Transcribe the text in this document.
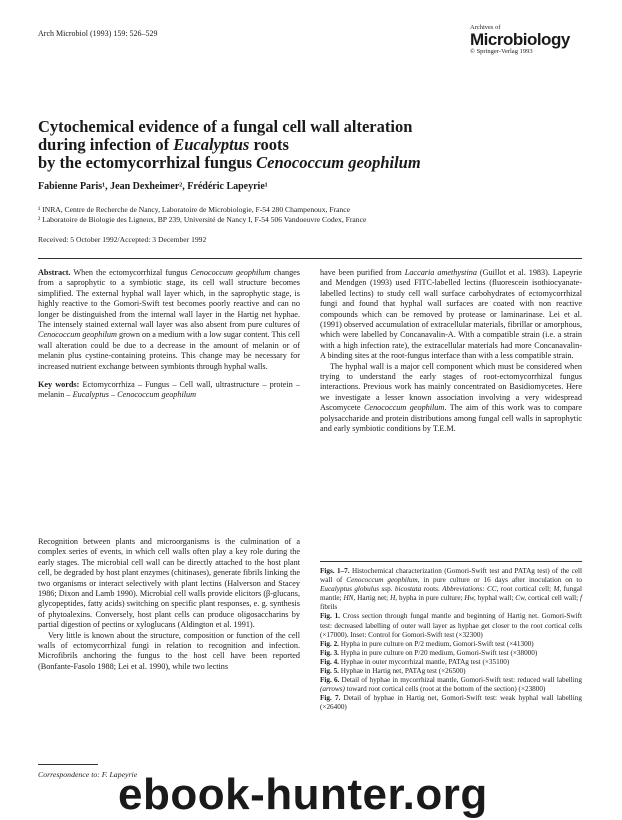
Arch Microbiol (1993) 159: 526–529
Archives of
Microbiology
© Springer-Verlag 1993
Cytochemical evidence of a fungal cell wall alteration
during infection of Eucalyptus roots
by the ectomycorrhizal fungus Cenococcum geophilum
Fabienne Paris¹, Jean Dexheimer², Frédéric Lapeyrie¹
¹ INRA, Centre de Recherche de Nancy, Laboratoire de Microbiologie, F-54 280 Champenoux, France
² Laboratoire de Biologie des Ligneux, BP 239, Université de Nancy I, F-54 506 Vandoeuvre Codex, France
Received: 5 October 1992/Accepted: 3 December 1992

Abstract. When the ectomycorrhizal fungus Cenococcum geophilum changes from a saprophytic to a symbiotic stage, its cell wall structure becomes simplified. The external hyphal wall layer which, in the saprophytic stage, is highly reactive to the Gomori-Swift test becomes poorly reactive and can no longer be distinguished from the internal wall layer in the Hartig net hyphae. The intensely stained external wall layer was also absent from pure cultures of Cenococcum geophilum grown on a medium with a low sugar content. This cell wall alteration could be due to a decrease in the amount of melanin or of melanin plus cystine-containing proteins. This change may be necessary for increased nutrient exchange between symbionts through hyphal walls.

Key words: Ectomycorrhiza – Fungus – Cell wall, ultrastructure – protein – melanin – Eucalyptus – Cenococcum geophilum

Recognition between plants and microorganisms is the culmination of a complex series of events, in which cell walls often play a key role during the early stages. The microbial cell wall can be directly attached to the host plant cell, be degraded by host plant enzymes (chitinases), generate fibrils linking the two organisms or interact selectively with plant lectins (Halverson and Stacey 1986; Dixon and Lamb 1990). Microbial cell walls provide elicitors (β-glucans, glycopeptides, fatty acids) switching on specific plant responses, e. g. synthesis of phytoalexins. Conversely, host plant cells can produce oligosaccharins by partial digestion of pectins or xyloglucans (Aldington et al. 1991).

Very little is known about the structure, composition or function of the cell walls of ectomycorrhizal fungi in relation to recognition and infection. Microfibrils anchoring the fungus to the host cell have been reported (Bonfante-Fasolo 1988; Lei et al. 1990), while two lectins

have been purified from Laccaria amethystina (Guillot et al. 1983). Lapeyrie and Mendgen (1993) used FITC-labelled lectins (fluorescein isothiocyanate-labelled lectins) to study cell wall surface carbohydrates of ectomycorrhizal fungi and found that hyphal wall surfaces are coated with non reactive compounds which can be removed by protease or laminarinase. Lei et al. (1991) observed accumulation of extracellular materials, fibrillar or amorphous, which were labelled by Concanavalin-A. With a compatible strain (i.e. a strain with a high infection rate), the extracellular materials had more Concanavalin-A binding sites at the root-fungus interface than with a less compatible strain.

The hyphal wall is a major cell component which must be considered when trying to understand the early stages of root-ectomycorrhizal fungus interactions. Previous work has mainly concentrated on Basidiomycetes. Here we investigate a lesser known association involving a very widespread Ascomycete Cenococcum geophilum. The aim of this work was to compare polysaccharide and protein distributions among fungal cell walls in saprophytic and early symbiotic conditions by T.E.M.

Figs. 1–7. Histochemical characterization (Gomori-Swift test and PATAg test) of the cell wall of Cenococcum geophilum, in pure culture or 16 days after inoculation on to Eucalyptus globulus ssp. bicostata roots. Abbreviations: CC, root cortical cell; M, fungal mantle; HN, Hartig net; H, hypha in pure culture; Hw, hyphal wall; Cw, cortical cell wall; f fibrils

Fig. 1. Cross section through fungal mantle and beginning of Hartig net. Gomori-Swift test: decreased labelling of outer wall layer as hyphae get closer to the root cortical cells (×17000). Inset: Control for Gomori-Swift test (×32300)

Fig. 2. Hypha in pure culture on P/2 medium, Gomori-Swift test (×41300)

Fig. 3. Hypha in pure culture on P/20 medium, Gomori-Swift test (×38000)

Fig. 4. Hyphae in outer mycorrhizal mantle, PATAg test (×35100)

Fig. 5. Hyphae in Hartig net, PATAg test (×26500)

Fig. 6. Detail of hyphae in mycorrhizal mantle, Gomori-Swift test: reduced wall labelling (arrows) toward root cortical cells (root at the bottom of the section) (×23800)

Fig. 7. Detail of hyphae in Hartig net, Gomori-Swift test: weak hyphal wall labelling (×26400)

Correspondence to: F. Lapeyrie
ebook-hunter.org
